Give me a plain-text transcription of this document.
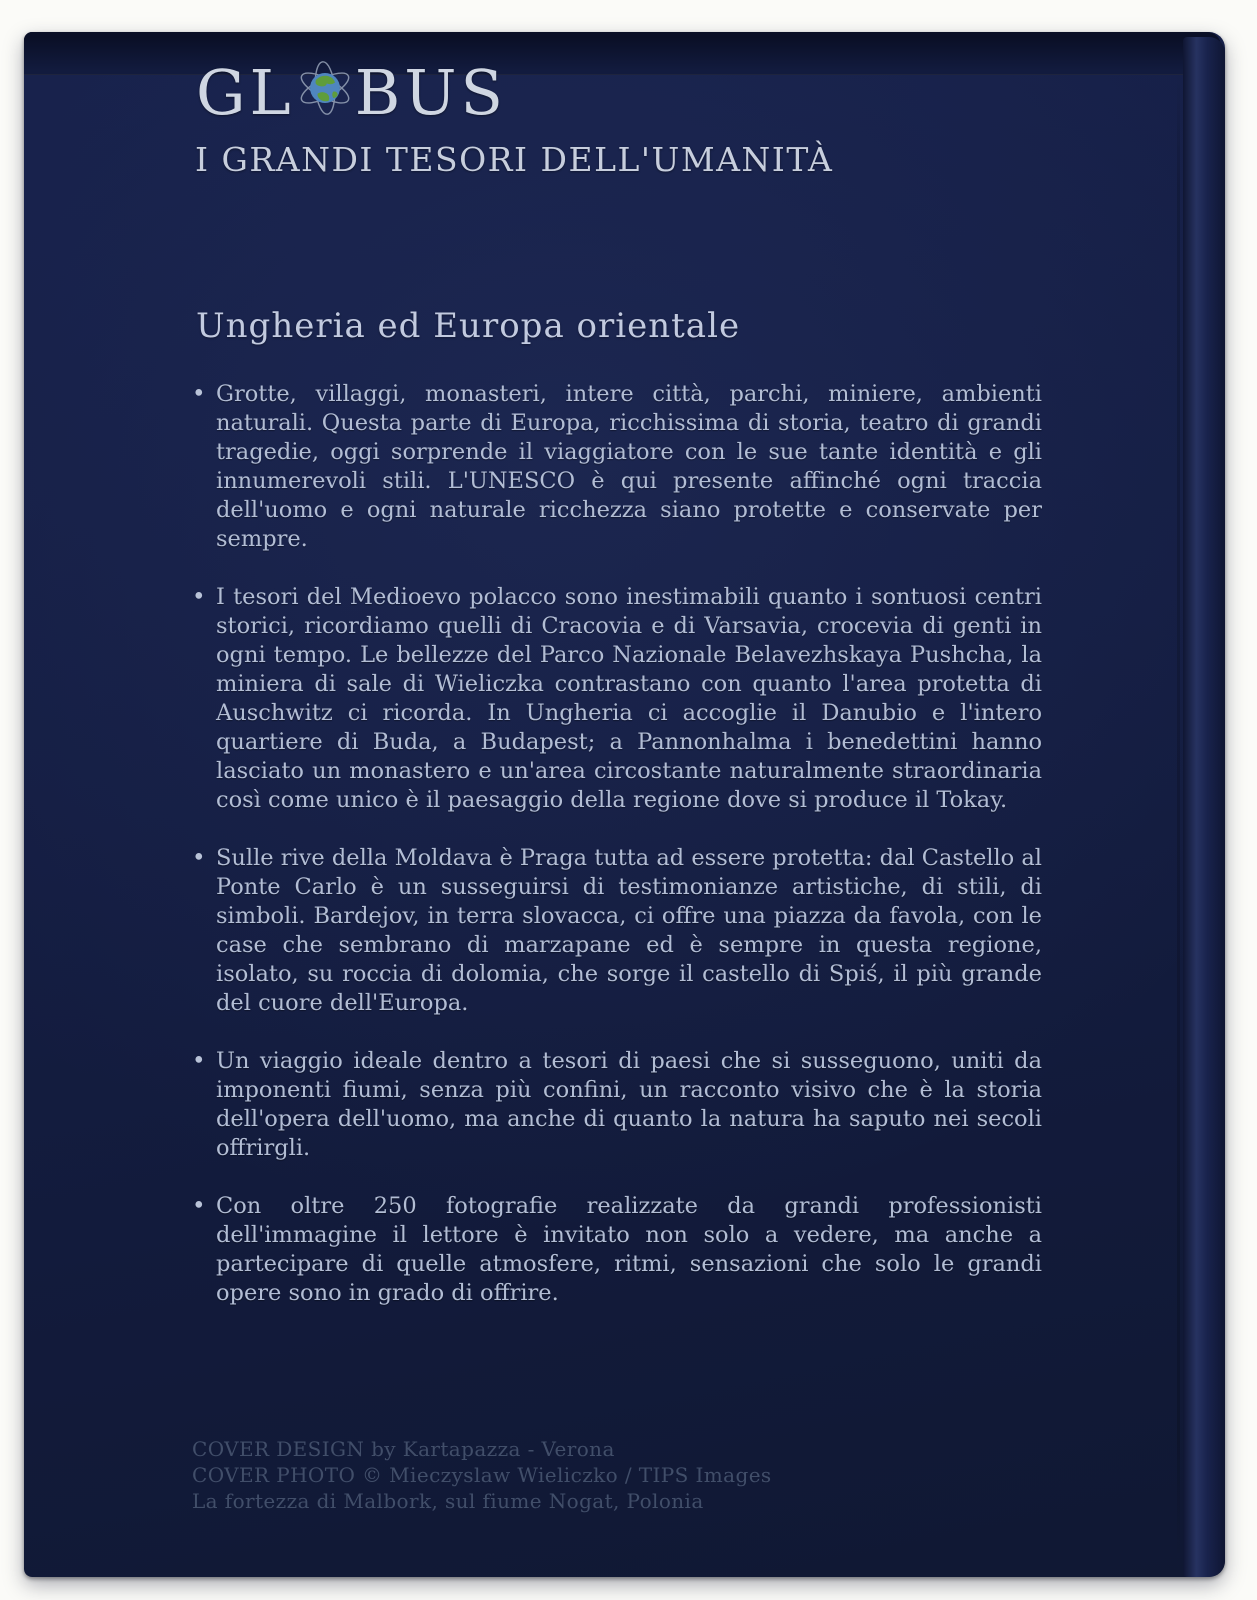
GL BUS
I GRANDI TESORI DELL'UMANITÀ
Ungheria ed Europa orientale
• Grotte, villaggi, monasteri, intere città, parchi, miniere, ambienti naturali. Questa parte di Europa, ricchissima di storia, teatro di grandi tragedie, oggi sorprende il viaggiatore con le sue tante identità e gli innumerevoli stili. L'UNESCO è qui presente affinché ogni traccia dell'uomo e ogni naturale ricchezza siano protette e conservate per sempre.

• I tesori del Medioevo polacco sono inestimabili quanto i sontuosi centri storici, ricordiamo quelli di Cracovia e di Varsavia, crocevia di genti in ogni tempo. Le bellezze del Parco Nazionale Belavezhskaya Pushcha, la miniera di sale di Wieliczka contrastano con quanto l'area protetta di Auschwitz ci ricorda. In Ungheria ci accoglie il Danubio e l'intero quartiere di Buda, a Budapest; a Pannonhalma i benedettini hanno lasciato un monastero e un'area circostante naturalmente straordinaria così come unico è il paesaggio della regione dove si produce il Tokay.

• Sulle rive della Moldava è Praga tutta ad essere protetta: dal Castello al Ponte Carlo è un susseguirsi di testimonianze artistiche, di stili, di simboli. Bardejov, in terra slovacca, ci offre una piazza da favola, con le case che sembrano di marzapane ed è sempre in questa regione, isolato, su roccia di dolomia, che sorge il castello di Spiś, il più grande del cuore dell'Europa.

• Un viaggio ideale dentro a tesori di paesi che si susseguono, uniti da imponenti fiumi, senza più confini, un racconto visivo che è la storia dell'opera dell'uomo, ma anche di quanto la natura ha saputo nei secoli offrirgli.

• Con oltre 250 fotografie realizzate da grandi professionisti dell'immagine il lettore è invitato non solo a vedere, ma anche a partecipare di quelle atmosfere, ritmi, sensazioni che solo le grandi opere sono in grado di offrire.

COVER DESIGN by Kartapazza - Verona
COVER PHOTO © Mieczyslaw Wieliczko / TIPS Images
La fortezza di Malbork, sul fiume Nogat, Polonia
